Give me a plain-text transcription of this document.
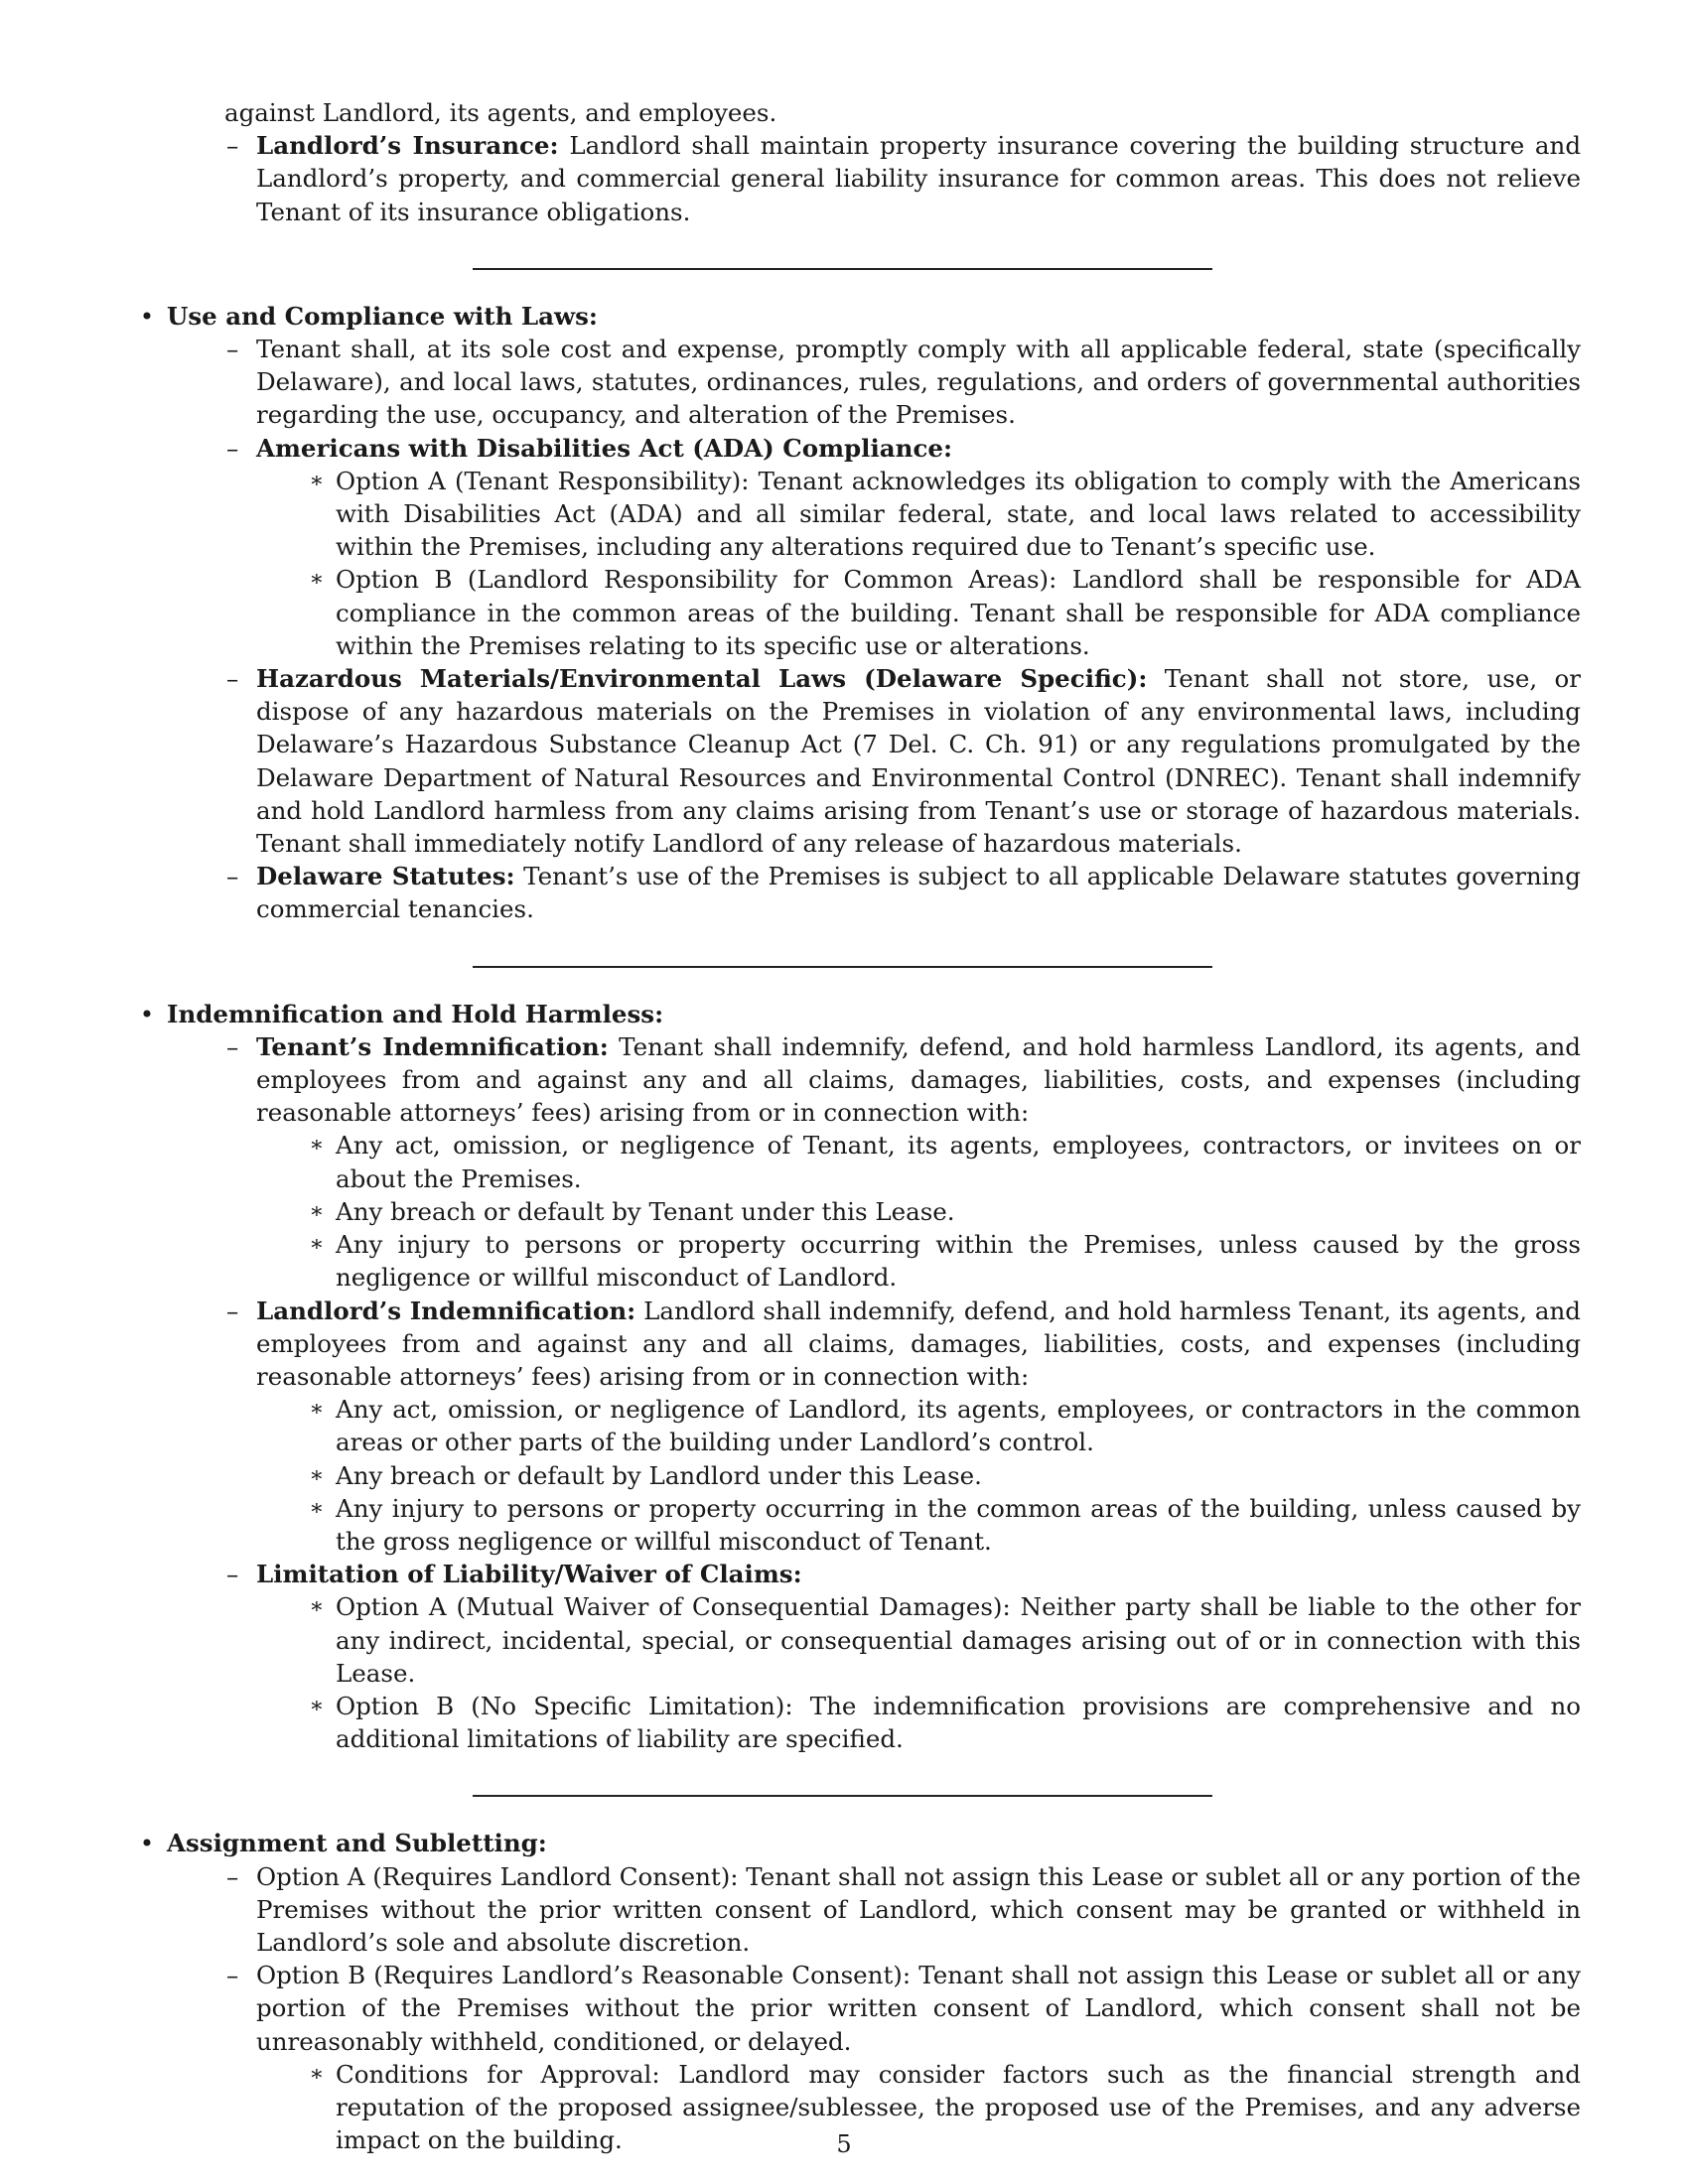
against Landlord, its agents, and employees.
– Landlord’s Insurance: Landlord shall maintain property insurance covering the building structure and Landlord’s property, and commercial general liability insurance for common areas. This does not relieve Tenant of its insurance obligations.
• Use and Compliance with Laws:
– Tenant shall, at its sole cost and expense, promptly comply with all applicable federal, state (specifically Delaware), and local laws, statutes, ordinances, rules, regulations, and orders of governmental authorities regarding the use, occupancy, and alteration of the Premises.
– Americans with Disabilities Act (ADA) Compliance:
∗ Option A (Tenant Responsibility): Tenant acknowledges its obligation to comply with the Americans with Disabilities Act (ADA) and all similar federal, state, and local laws related to accessibility within the Premises, including any alterations required due to Tenant’s specific use.
∗ Option B (Landlord Responsibility for Common Areas): Landlord shall be responsible for ADA compliance in the common areas of the building. Tenant shall be responsible for ADA compliance within the Premises relating to its specific use or alterations.
– Hazardous Materials/Environmental Laws (Delaware Specific): Tenant shall not store, use, or dispose of any hazardous materials on the Premises in violation of any environmental laws, including Delaware’s Hazardous Substance Cleanup Act (7 Del. C. Ch. 91) or any regulations promulgated by the Delaware Department of Natural Resources and Environmental Control (DNREC). Tenant shall indemnify and hold Landlord harmless from any claims arising from Tenant’s use or storage of hazardous materials. Tenant shall immediately notify Landlord of any release of hazardous materials.
– Delaware Statutes: Tenant’s use of the Premises is subject to all applicable Delaware statutes governing commercial tenancies.
• Indemnification and Hold Harmless:
– Tenant’s Indemnification: Tenant shall indemnify, defend, and hold harmless Landlord, its agents, and employees from and against any and all claims, damages, liabilities, costs, and expenses (including reasonable attorneys’ fees) arising from or in connection with:
∗ Any act, omission, or negligence of Tenant, its agents, employees, contractors, or invitees on or about the Premises.
∗ Any breach or default by Tenant under this Lease.
∗ Any injury to persons or property occurring within the Premises, unless caused by the gross negligence or willful misconduct of Landlord.
– Landlord’s Indemnification: Landlord shall indemnify, defend, and hold harmless Tenant, its agents, and employees from and against any and all claims, damages, liabilities, costs, and expenses (including reasonable attorneys’ fees) arising from or in connection with:
∗ Any act, omission, or negligence of Landlord, its agents, employees, or contractors in the common areas or other parts of the building under Landlord’s control.
∗ Any breach or default by Landlord under this Lease.
∗ Any injury to persons or property occurring in the common areas of the building, unless caused by the gross negligence or willful misconduct of Tenant.
– Limitation of Liability/Waiver of Claims:
∗ Option A (Mutual Waiver of Consequential Damages): Neither party shall be liable to the other for any indirect, incidental, special, or consequential damages arising out of or in connection with this Lease.
∗ Option B (No Specific Limitation): The indemnification provisions are comprehensive and no additional limitations of liability are specified.
• Assignment and Subletting:
– Option A (Requires Landlord Consent): Tenant shall not assign this Lease or sublet all or any portion of the Premises without the prior written consent of Landlord, which consent may be granted or withheld in Landlord’s sole and absolute discretion.
– Option B (Requires Landlord’s Reasonable Consent): Tenant shall not assign this Lease or sublet all or any portion of the Premises without the prior written consent of Landlord, which consent shall not be unreasonably withheld, conditioned, or delayed.
∗ Conditions for Approval: Landlord may consider factors such as the financial strength and reputation of the proposed assignee/sublessee, the proposed use of the Premises, and any adverse impact on the building.	5
